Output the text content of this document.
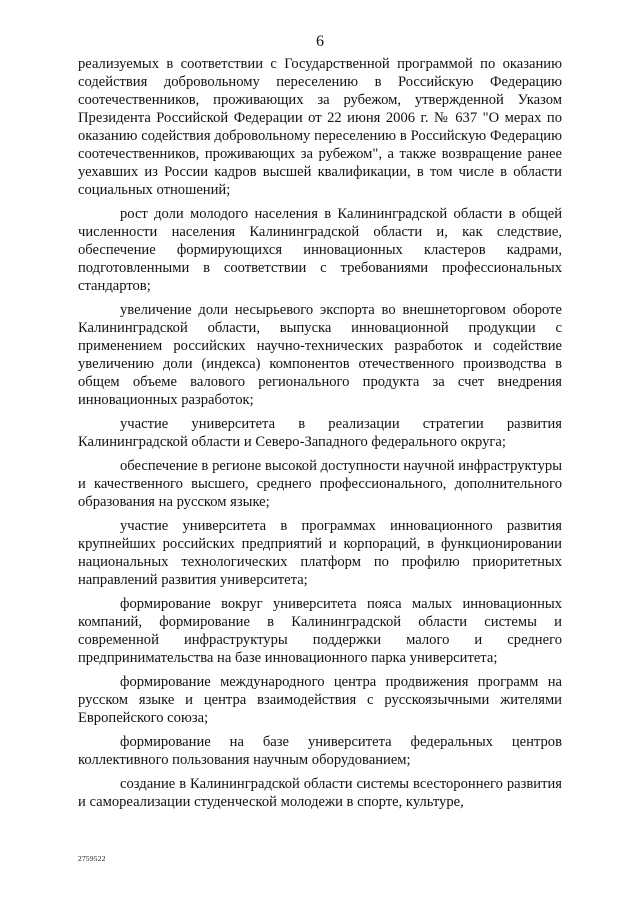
6

реализуемых в соответствии с Государственной программой по оказанию содействия добровольному переселению в Российскую Федерацию соотечественников, проживающих за рубежом, утвержденной Указом Президента Российской Федерации от 22 июня 2006 г. № 637 "О мерах по оказанию содействия добровольному переселению в Российскую Федерацию соотечественников, проживающих за рубежом", а также возвращение ранее уехавших из России кадров высшей квалификации, в том числе в области социальных отношений;

рост доли молодого населения в Калининградской области в общей численности населения Калининградской области и, как следствие, обеспечение формирующихся инновационных кластеров кадрами, подготовленными в соответствии с требованиями профессиональных стандартов;

увеличение доли несырьевого экспорта во внешнеторговом обороте Калининградской области, выпуска инновационной продукции с применением российских научно-технических разработок и содействие увеличению доли (индекса) компонентов отечественного производства в общем объеме валового регионального продукта за счет внедрения инновационных разработок;

участие университета в реализации стратегии развития Калининградской области и Северо-Западного федерального округа;

обеспечение в регионе высокой доступности научной инфраструктуры и качественного высшего, среднего профессионального, дополнительного образования на русском языке;

участие университета в программах инновационного развития крупнейших российских предприятий и корпораций, в функционировании национальных технологических платформ по профилю приоритетных направлений развития университета;

формирование вокруг университета пояса малых инновационных компаний, формирование в Калининградской области системы и современной инфраструктуры поддержки малого и среднего предпринимательства на базе инновационного парка университета;

формирование международного центра продвижения программ на русском языке и центра взаимодействия с русскоязычными жителями Европейского союза;

формирование на базе университета федеральных центров коллективного пользования научным оборудованием;

создание в Калининградской области системы всестороннего развития и самореализации студенческой молодежи в спорте, культуре,

2759522
